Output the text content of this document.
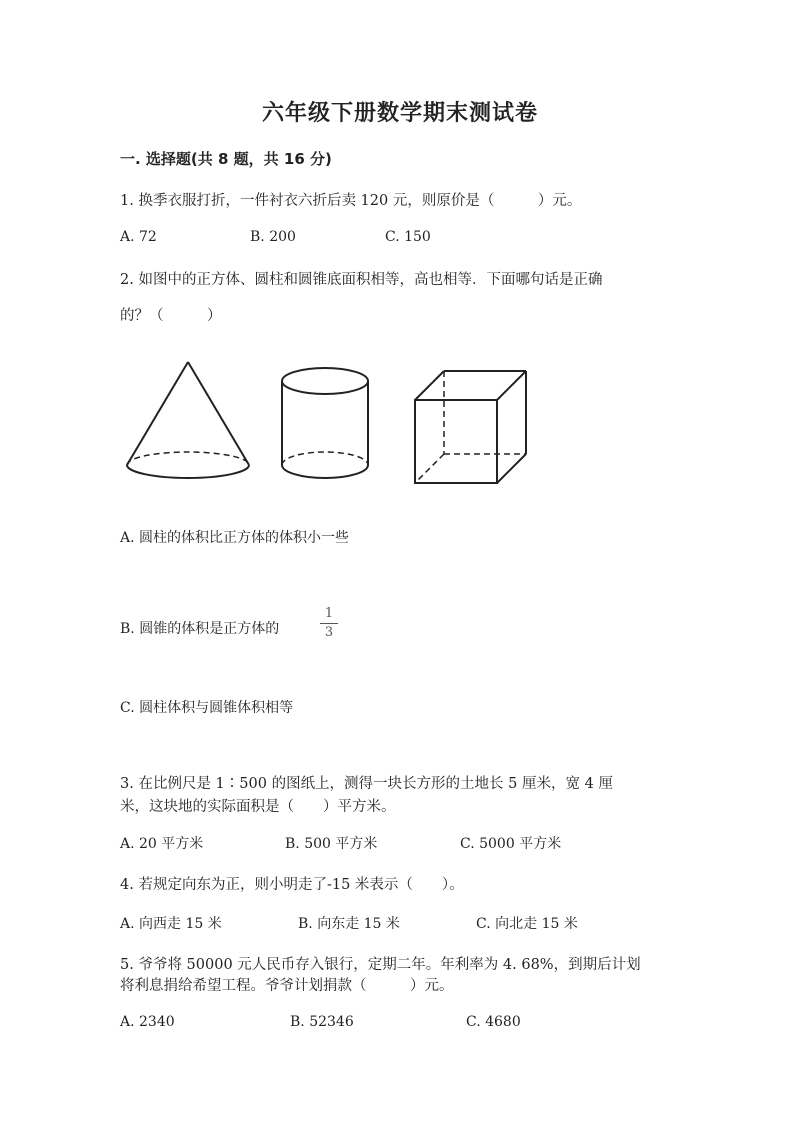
六年级下册数学期末测试卷
一. 选择题(共 8 题，共 16 分)
1. 换季衣服打折，一件衬衣六折后卖 120 元，则原价是（　　　）元。
A. 72	B. 200	C. 150
2. 如图中的正方体、圆柱和圆锥底面积相等，高也相等．下面哪句话是正确
的？（　　　）
A. 圆柱的体积比正方体的体积小一些
B. 圆锥的体积是正方体的
1
3
C. 圆柱体积与圆锥体积相等
3. 在比例尺是 1∶500 的图纸上，测得一块长方形的土地长 5 厘米，宽 4 厘
米，这块地的实际面积是（　　）平方米。
A. 20 平方米	B. 500 平方米	C. 5000 平方米
4. 若规定向东为正，则小明走了-15 米表示（　　）。
A. 向西走 15 米	B. 向东走 15 米	C. 向北走 15 米
5. 爷爷将 50000 元人民币存入银行，定期二年。年利率为 4. 68%，到期后计划
将利息捐给希望工程。爷爷计划捐款（　　　）元。
A. 2340	B. 52346	C. 4680
